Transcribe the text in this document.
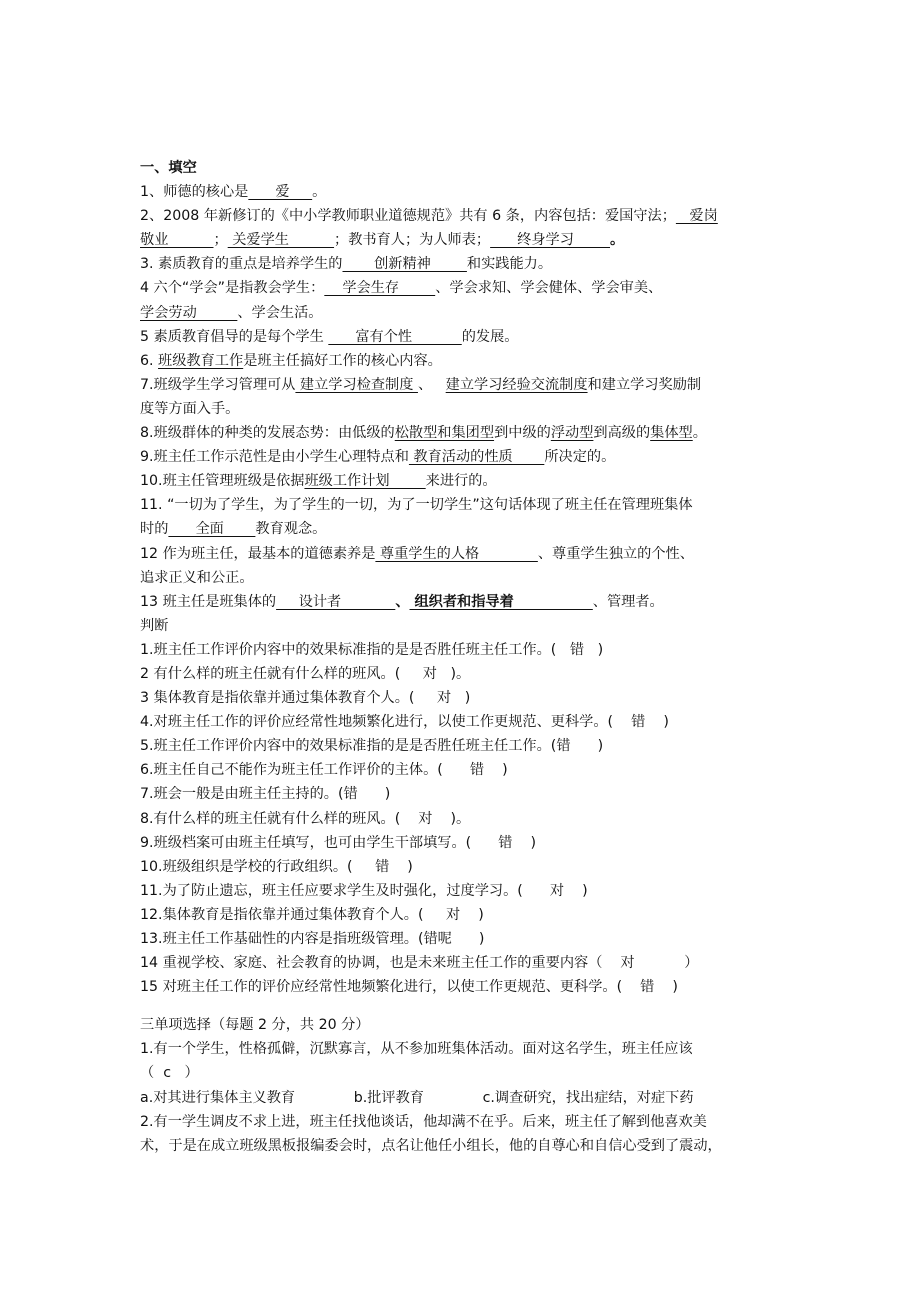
一、填空
1、师德的核心是      爱     。
2、2008 年新修订的《中小学教师职业道德规范》共有 6 条，内容包括：爱国守法；   爱岗
敬业          ； 关爱学生          ；教书育人；为人师表；      终身学习        。
3. 素质教育的重点是培养学生的       创新精神        和实践能力。
4 六个“学会”是指教会学生：    学会生存        、学会求知、学会健体、学会审美、
学会劳动         、学会生活。
5 素质教育倡导的是每个学生       富有个性           的发展。
6. 班级教育工作是班主任搞好工作的核心内容。
7.班级学生学习管理可从 建立学习检查制度 、   建立学习经验交流制度和建立学习奖励制
度等方面入手。
8.班级群体的种类的发展态势：由低级的松散型和集团型到中级的浮动型到高级的集体型。
9.班主任工作示范性是由小学生心理特点和 教育活动的性质       所决定的。
10.班主任管理班级是依据班级工作计划        来进行的。
11. “一切为了学生，为了学生的一切，为了一切学生”这句话体现了班主任在管理班集体
时的      全面       教育观念。
12 作为班主任，最基本的道德素养是 尊重学生的人格             、尊重学生独立的个性、
追求正义和公正。
13 班主任是班集体的     设计者            、 组织者和指导着                、管理者。
判断
1.班主任工作评价内容中的效果标准指的是是否胜任班主任工作。(   错   )
2 有什么样的班主任就有什么样的班风。(     对   )。
3 集体教育是指依靠并通过集体教育个人。(     对   )
4.对班主任工作的评价应经常性地频繁化进行，以使工作更规范、更科学。(    错    )
5.班主任工作评价内容中的效果标准指的是是否胜任班主任工作。(错      )
6.班主任自己不能作为班主任工作评价的主体。(      错    )
7.班会一般是由班主任主持的。(错      )
8.有什么样的班主任就有什么样的班风。(    对    )。
9.班级档案可由班主任填写，也可由学生干部填写。(      错    )
10.班级组织是学校的行政组织。(     错    )
11.为了防止遗忘，班主任应要求学生及时强化，过度学习。(      对    )
12.集体教育是指依靠并通过集体教育个人。(     对    )
13.班主任工作基础性的内容是指班级管理。(错呢      )
14 重视学校、家庭、社会教育的协调，也是未来班主任工作的重要内容（    对           ）
15 对班主任工作的评价应经常性地频繁化进行，以使工作更规范、更科学。(    错    )
三单项选择（每题 2 分，共 20 分）
1.有一个学生，性格孤僻，沉默寡言，从不参加班集体活动。面对这名学生，班主任应该
（  c   ）
a.对其进行集体主义教育             b.批评教育             c.调查研究，找出症结，对症下药
2.有一学生调皮不求上进，班主任找他谈话，他却满不在乎。后来，班主任了解到他喜欢美
术，于是在成立班级黑板报编委会时，点名让他任小组长，他的自尊心和自信心受到了震动，
